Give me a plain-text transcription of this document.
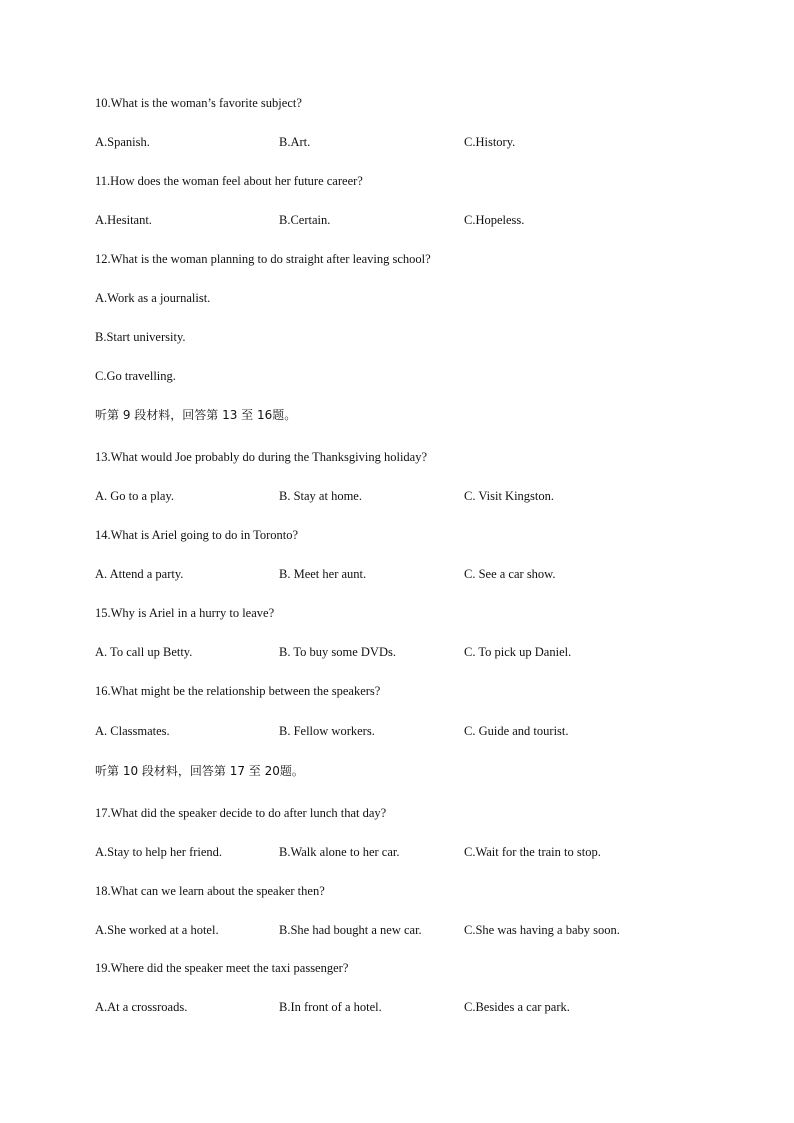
10.What is the woman’s favorite subject?
A.Spanish.	B.Art.	C.History.
11.How does the woman feel about her future career?
A.Hesitant.	B.Certain.	C.Hopeless.
12.What is the woman planning to do straight after leaving school?
A.Work as a journalist.
B.Start university.
C.Go travelling.
听第 9 段材料，回答第 13 至 16题。
13.What would Joe probably do during the Thanksgiving holiday?
A. Go to a play.	B. Stay at home.	C. Visit Kingston.
14.What is Ariel going to do in Toronto?
A. Attend a party.	B. Meet her aunt.	C. See a car show.
15.Why is Ariel in a hurry to leave?
A. To call up Betty.	B. To buy some DVDs.	C. To pick up Daniel.
16.What might be the relationship between the speakers?
A. Classmates.	B. Fellow workers.	C. Guide and tourist.
听第 10 段材料，回答第 17 至 20题。
17.What did the speaker decide to do after lunch that day?
A.Stay to help her friend.	B.Walk alone to her car.	C.Wait for the train to stop.
18.What can we learn about the speaker then?
A.She worked at a hotel.	B.She had bought a new car.	C.She was having a baby soon.
19.Where did the speaker meet the taxi passenger?
A.At a crossroads.	B.In front of a hotel.	C.Besides a car park.
